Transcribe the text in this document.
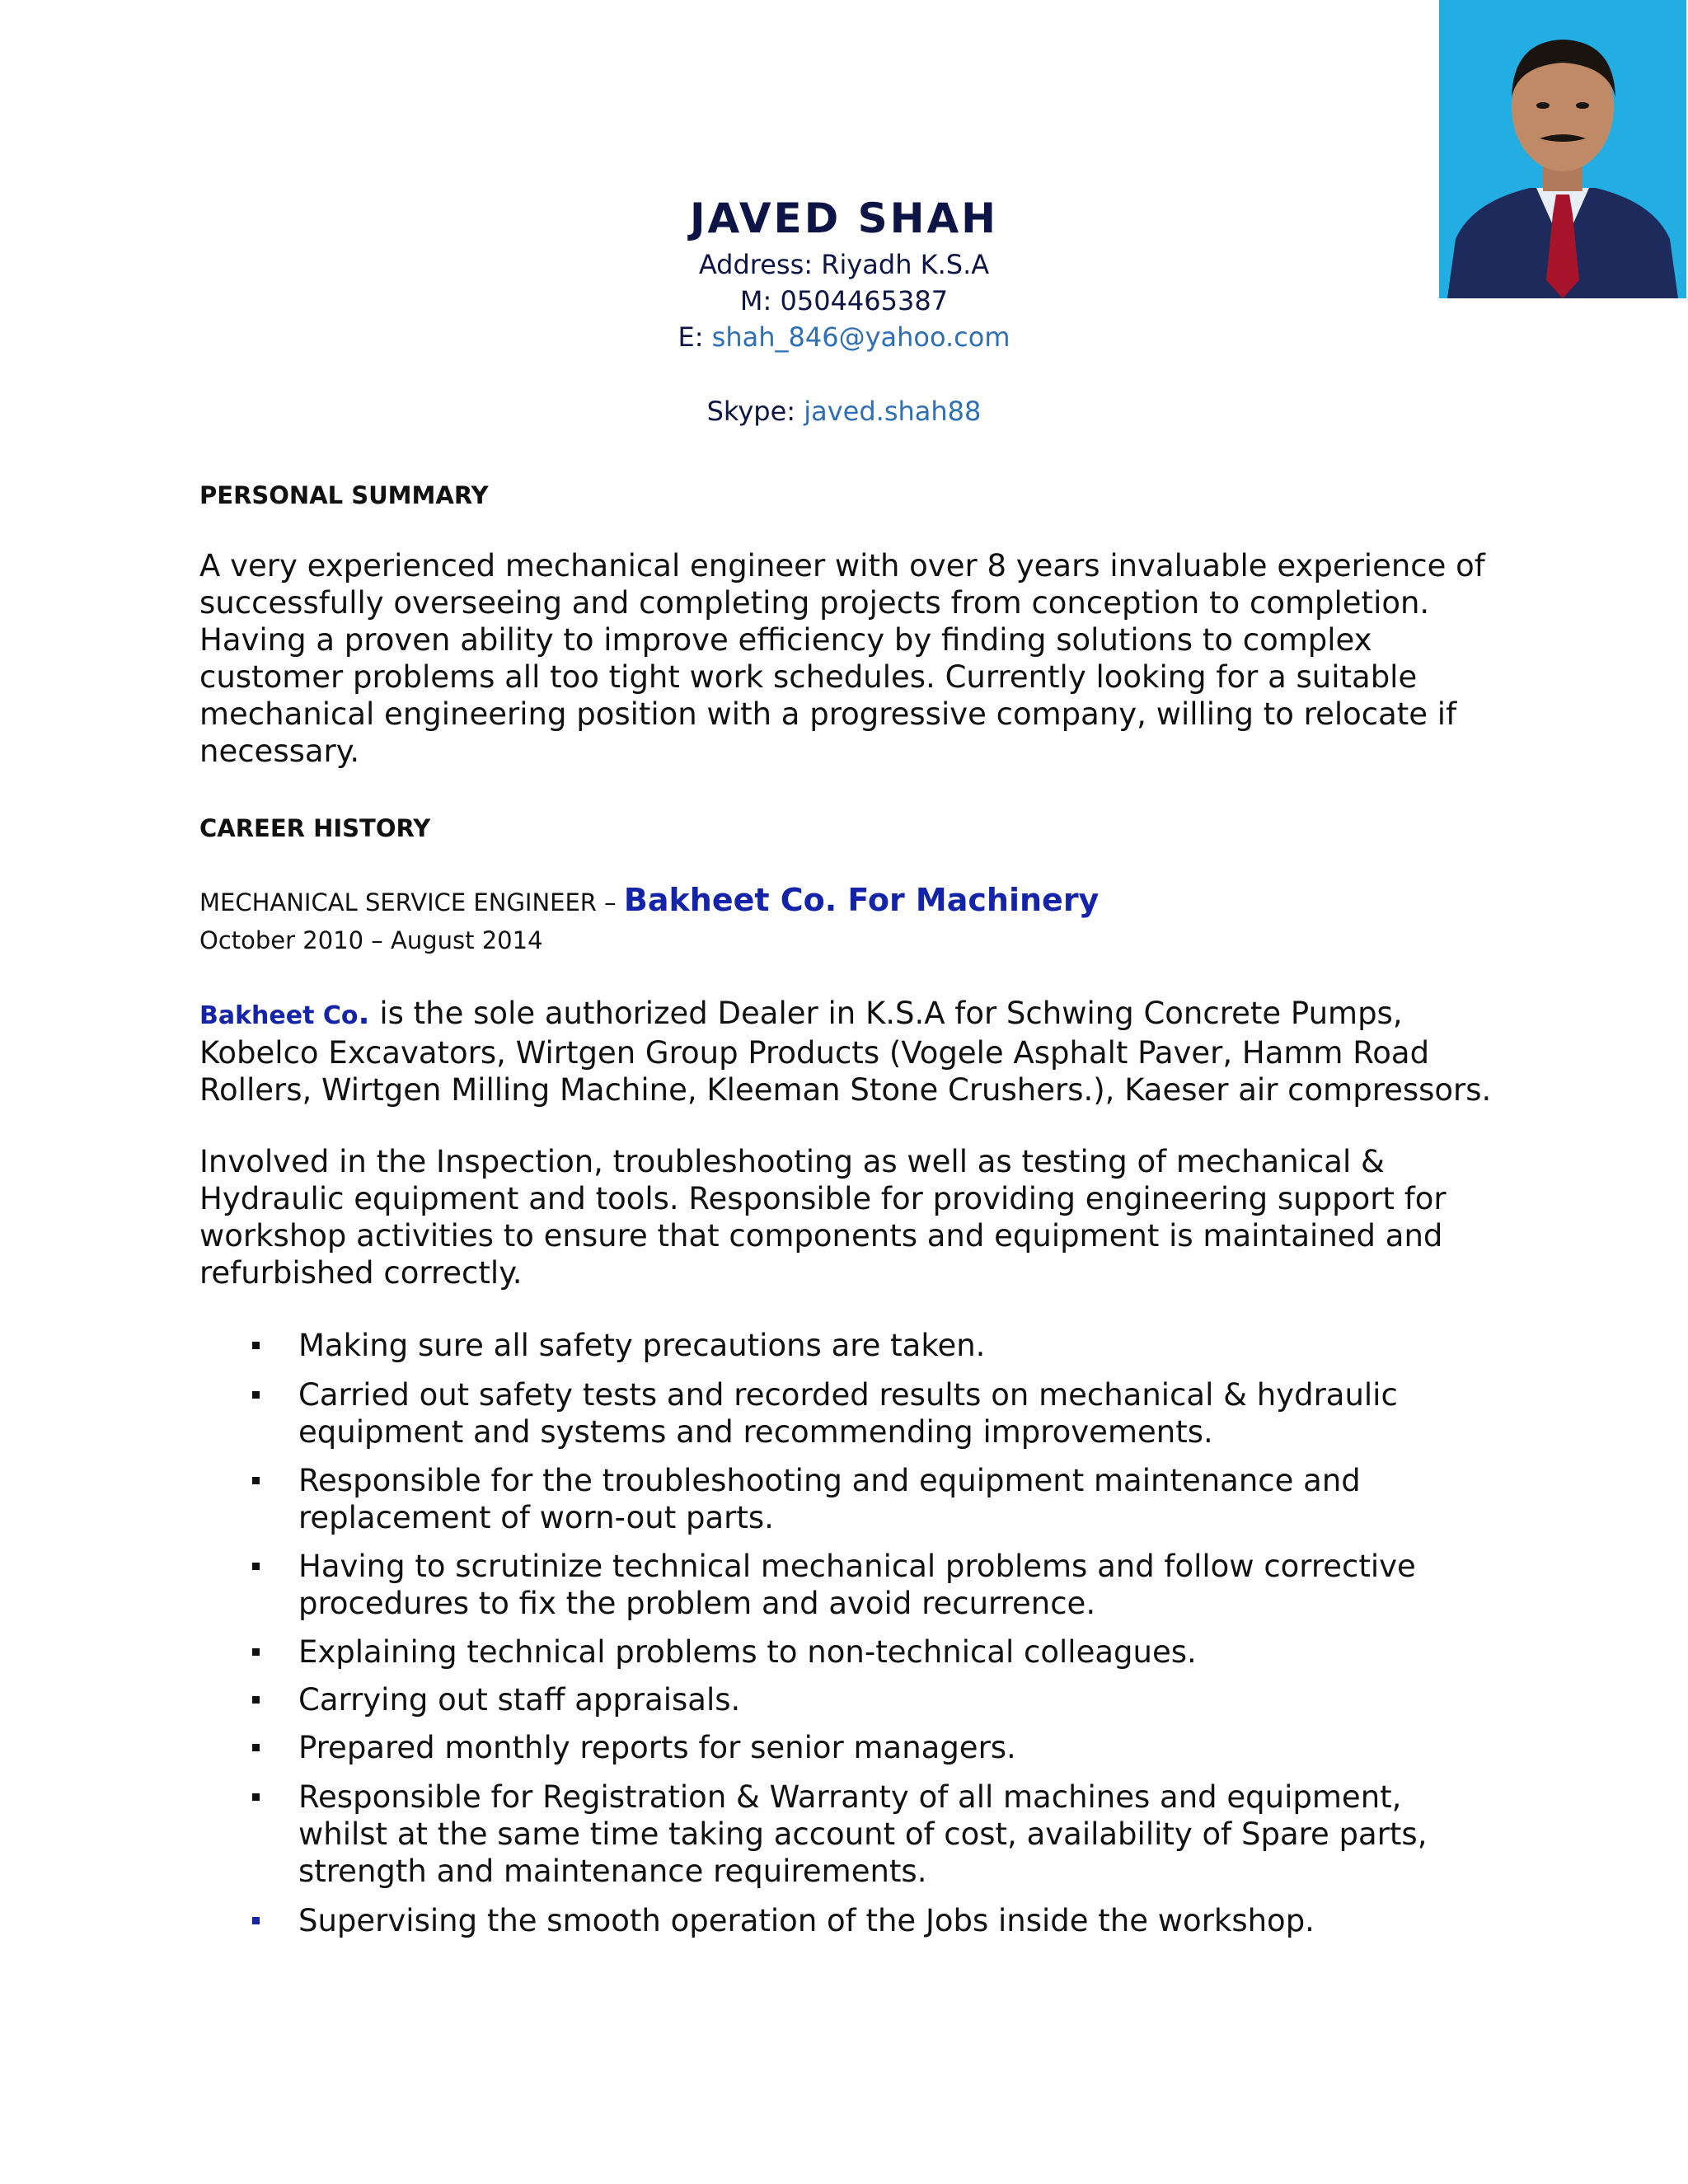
JAVED SHAH
Address: Riyadh K.S.A
M: 0504465387
E: shah_846@yahoo.com
Skype: javed.shah88
PERSONAL SUMMARY
A very experienced mechanical engineer with over 8 years invaluable experience of successfully overseeing and completing projects from conception to completion. Having a proven ability to improve efficiency by finding solutions to complex customer problems all too tight work schedules. Currently looking for a suitable mechanical engineering position with a progressive company, willing to relocate if necessary.
CAREER HISTORY
MECHANICAL SERVICE ENGINEER – Bakheet Co. For Machinery
October 2010 – August 2014
Bakheet Co. is the sole authorized Dealer in K.S.A for Schwing Concrete Pumps, Kobelco Excavators, Wirtgen Group Products (Vogele Asphalt Paver, Hamm Road Rollers, Wirtgen Milling Machine, Kleeman Stone Crushers.), Kaeser air compressors.
Involved in the Inspection, troubleshooting as well as testing of mechanical & Hydraulic equipment and tools. Responsible for providing engineering support for workshop activities to ensure that components and equipment is maintained and refurbished correctly.
Making sure all safety precautions are taken.
Carried out safety tests and recorded results on mechanical & hydraulic equipment and systems and recommending improvements.
Responsible for the troubleshooting and equipment maintenance and replacement of worn-out parts.
Having to scrutinize technical mechanical problems and follow corrective procedures to fix the problem and avoid recurrence.
Explaining technical problems to non-technical colleagues.
Carrying out staff appraisals.
Prepared monthly reports for senior managers.
Responsible for Registration & Warranty of all machines and equipment, whilst at the same time taking account of cost, availability of Spare parts, strength and maintenance requirements.
Supervising the smooth operation of the Jobs inside the workshop.
